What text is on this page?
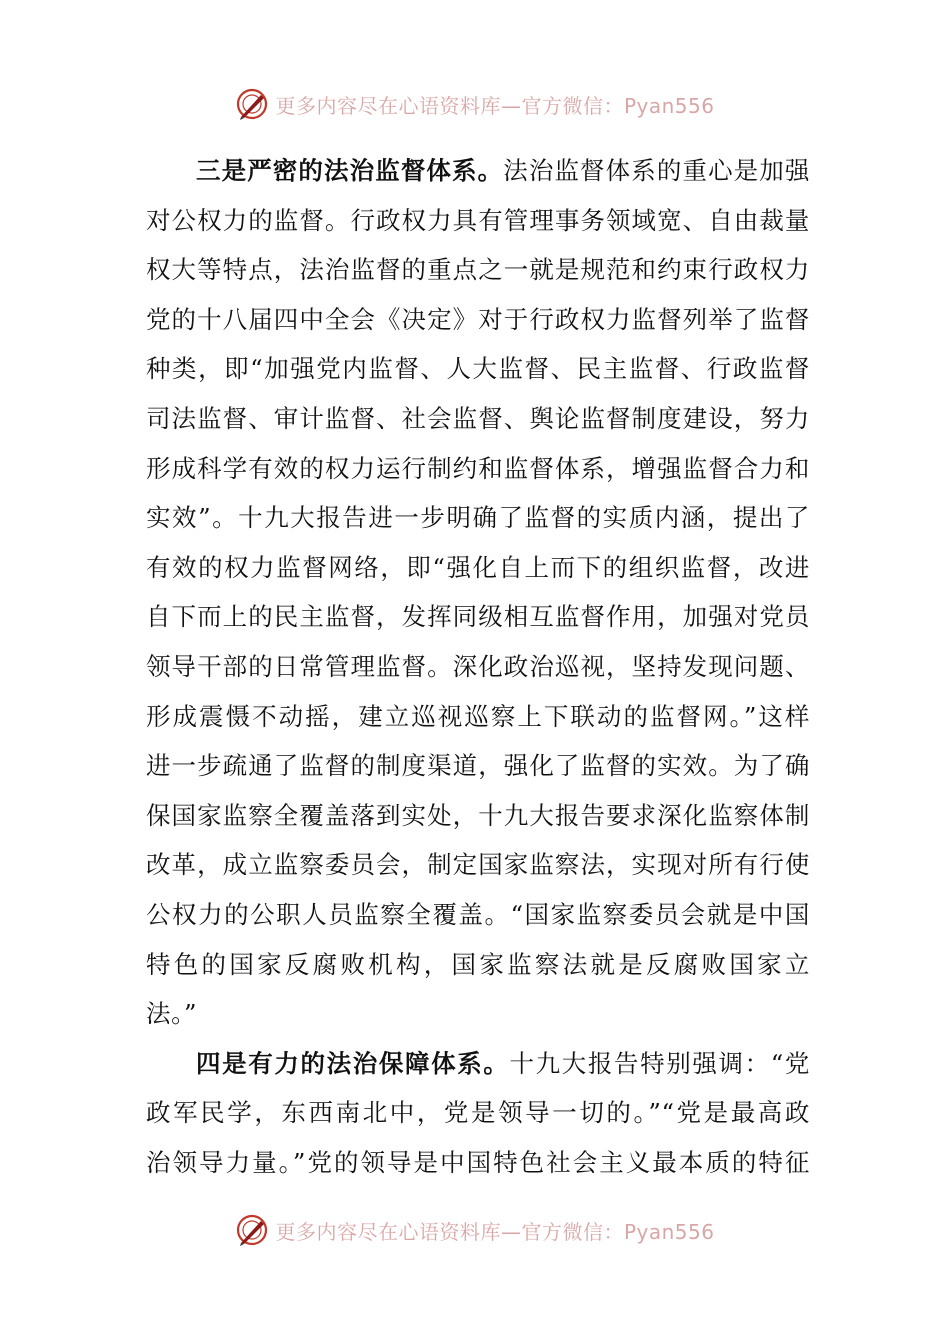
更多内容尽在心语资料库—官方微信：Pyan556
三是严密的法治监督体系。法治监督体系的重心是加强
对公权力的监督。行政权力具有管理事务领域宽、自由裁量
权大等特点，法治监督的重点之一就是规范和约束行政权力
党的十八届四中全会《决定》对于行政权力监督列举了监督
种类，即“加强党内监督、人大监督、民主监督、行政监督
司法监督、审计监督、社会监督、舆论监督制度建设，努力
形成科学有效的权力运行制约和监督体系，增强监督合力和
实效”。十九大报告进一步明确了监督的实质内涵，提出了
有效的权力监督网络，即“强化自上而下的组织监督，改进
自下而上的民主监督，发挥同级相互监督作用，加强对党员
领导干部的日常管理监督。深化政治巡视，坚持发现问题、
形成震慑不动摇，建立巡视巡察上下联动的监督网。”这样
进一步疏通了监督的制度渠道，强化了监督的实效。为了确
保国家监察全覆盖落到实处，十九大报告要求深化监察体制
改革，成立监察委员会，制定国家监察法，实现对所有行使
公权力的公职人员监察全覆盖。“国家监察委员会就是中国
特色的国家反腐败机构，国家监察法就是反腐败国家立
法。”
四是有力的法治保障体系。十九大报告特别强调：“党
政军民学，东西南北中，党是领导一切的。”“党是最高政
治领导力量。”党的领导是中国特色社会主义最本质的特征
更多内容尽在心语资料库—官方微信：Pyan556
